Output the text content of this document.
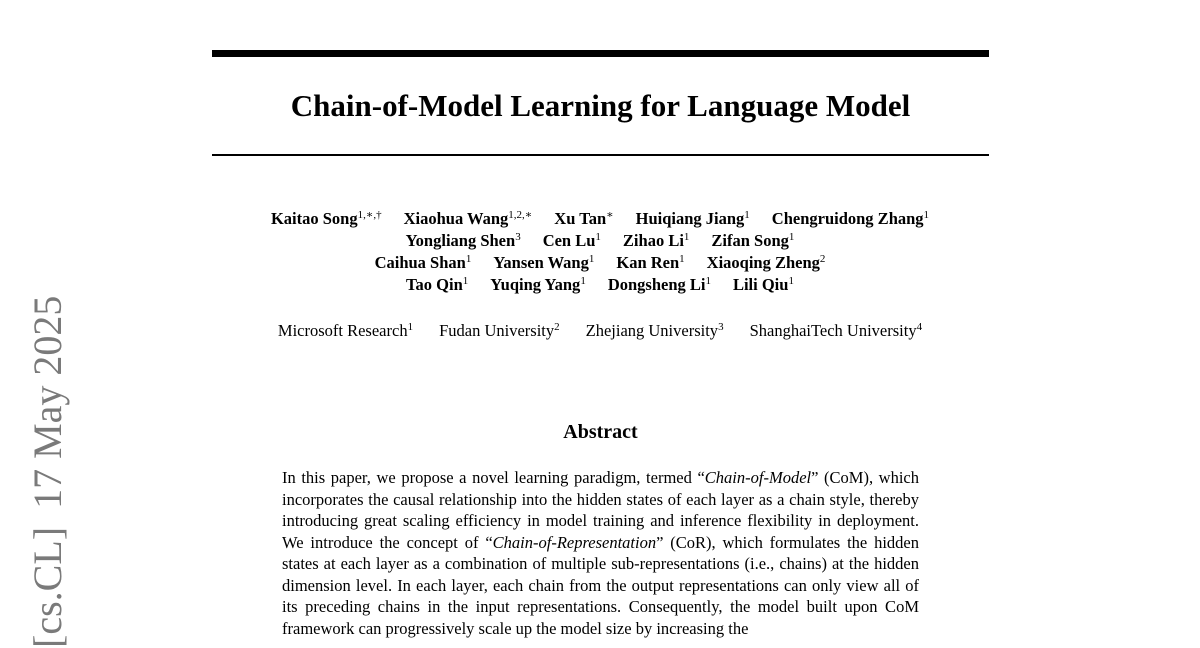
[cs.CL]17 May 2025
Chain-of-Model Learning for Language Model
Kaitao Song$^{1,∗,\dagger}$ Xiaohua Wang$^{1,2,∗}$ Xu Tan∗ Huiqiang Jiang$^1$ Chengruidong Zhang$^1$
Yongliang Shen$^3$ Cen Lu$^1$ Zihao Li$^1$ Zifan Song$^1$
Caihua Shan$^1$ Yansen Wang$^1$ Kan Ren$^1$ Xiaoqing Zheng$^2$
Tao Qin$^1$ Yuqing Yang$^1$ Dongsheng Li$^1$ Lili Qiu$^1$
Microsoft Research$^1$ Fudan University$^2$ Zhejiang University$^3$ ShanghaiTech University$^4$
Abstract

In this paper, we propose a novel learning paradigm, termed “Chain-of-Model” (CoM), which incorporates the causal relationship into the hidden states of each layer as a chain style, thereby introducing great scaling efficiency in model training and inference flexibility in deployment. We introduce the concept of “Chain-of-Representation” (CoR), which formulates the hidden states at each layer as a combination of multiple sub-representations (i.e., chains) at the hidden dimension level. In each layer, each chain from the output representations can only view all of its preceding chains in the input representations. Consequently, the model built upon CoM framework can progressively scale up the model size by increasing the
